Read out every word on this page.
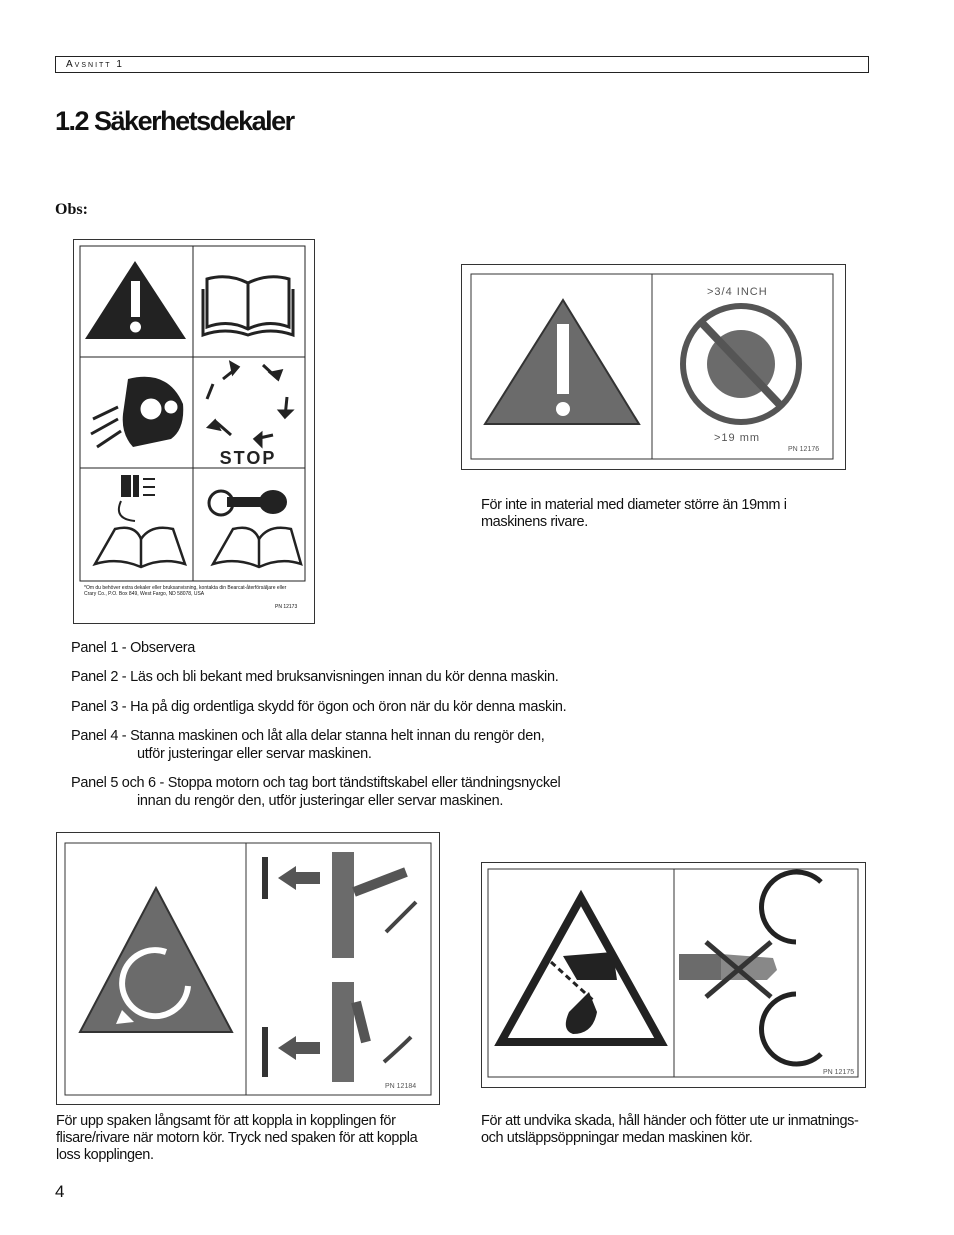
Avsnitt 1
1.2 Säkerhetsdekaler
Obs:
STOP
*Om du behöver extra dekaler eller bruksanvisning, kontakta din Bearcat-återförsäljare eller Crary Co., P.O. Box 849, West Fargo, ND 58078, USA
PN 12173
>3/4 INCH
>19 mm
PN 12176
För inte in material med diameter större än 19mm i maskinens rivare.
Panel 1 - Observera
Panel 2 - Läs och bli bekant med bruksanvisningen innan du kör denna maskin.
Panel 3 - Ha på dig ordentliga skydd för ögon och öron när du kör denna maskin.
Panel 4 - Stanna maskinen och låt alla delar stanna helt innan du rengör den,
utför justeringar eller servar maskinen.
Panel 5 och 6 - Stoppa motorn och tag bort tändstiftskabel eller tändningsnyckel
innan du rengör den, utför justeringar eller servar maskinen.
PN 12184
För upp spaken långsamt för att koppla in kopplingen för flisare/rivare när motorn kör. Tryck ned spaken för att koppla loss kopplingen.
PN 12175
För att undvika skada, håll händer och fötter ute ur inmatnings- och utsläppsöppningar medan maskinen kör.
4
